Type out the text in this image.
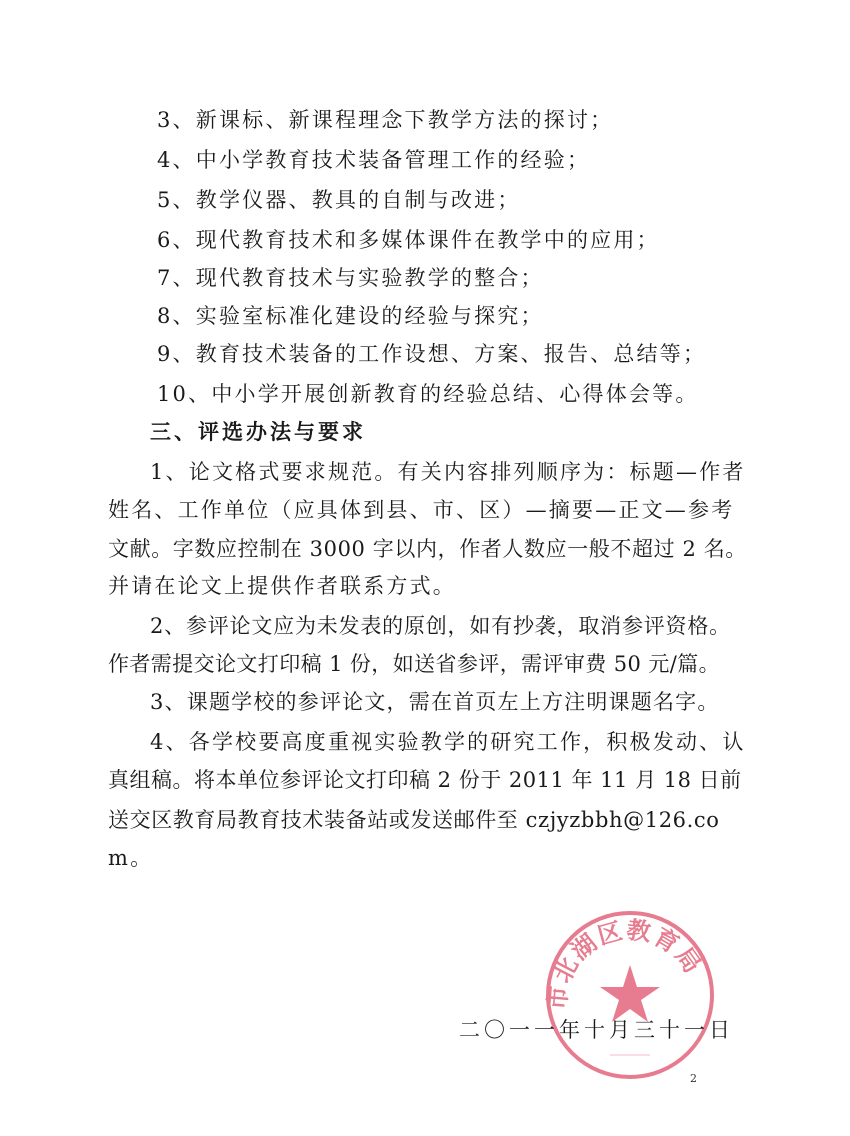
3、新课标、新课程理念下教学方法的探讨；
4、中小学教育技术装备管理工作的经验；
5、教学仪器、教具的自制与改进；
6、现代教育技术和多媒体课件在教学中的应用；
7、现代教育技术与实验教学的整合；
8、实验室标准化建设的经验与探究；
9、教育技术装备的工作设想、方案、报告、总结等；
10、中小学开展创新教育的经验总结、心得体会等。
三、评选办法与要求
1、论文格式要求规范。有关内容排列顺序为：标题—作者
姓名、工作单位（应具体到县、市、区）—摘要—正文—参考
文献。字数应控制在 3000 字以内，作者人数应一般不超过 2 名。
并请在论文上提供作者联系方式。
2、参评论文应为未发表的原创，如有抄袭，取消参评资格。
作者需提交论文打印稿 1 份，如送省参评，需评审费 50 元/篇。
3、课题学校的参评论文，需在首页左上方注明课题名字。
4、各学校要高度重视实验教学的研究工作，积极发动、认
真组稿。将本单位参评论文打印稿 2 份于 2011 年 11 月 18 日前
送交区教育局教育技术装备站或发送邮件至 czjyzbbh@126.co
m。
市北湖区教育局
二〇一一年十月三十一日
2
